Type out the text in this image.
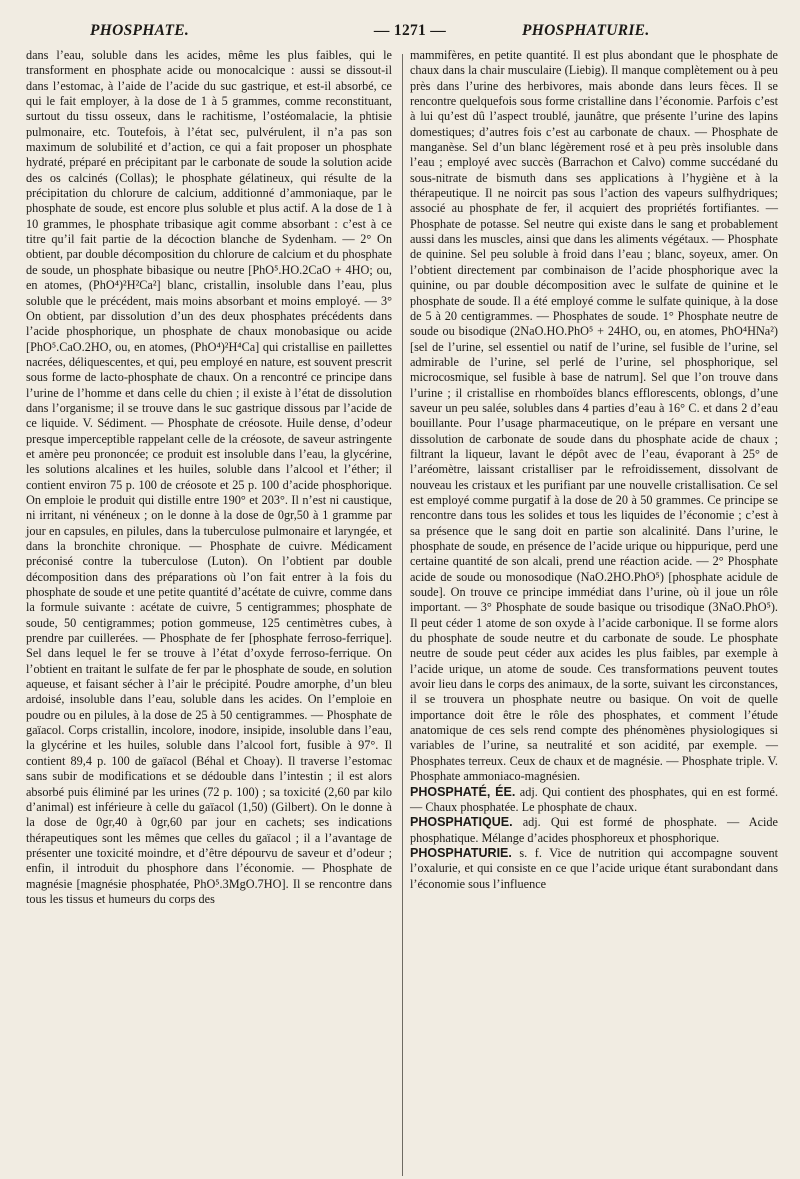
PHOSPHATE.	— 1271 —	PHOSPHATURIE.

dans l’eau, soluble dans les acides, même les plus faibles, qui le transforment en phosphate acide ou monocalcique : aussi se dissout-il dans l’estomac, à l’aide de l’acide du suc gastrique, et est-il absorbé, ce qui le fait employer, à la dose de 1 à 5 grammes, comme reconstituant, surtout du tissu osseux, dans le rachitisme, l’ostéomalacie, la phtisie pulmonaire, etc. Toutefois, à l’état sec, pulvérulent, il n’a pas son maximum de solubilité et d’action, ce qui a fait proposer un phosphate hydraté, préparé en précipitant par le carbonate de soude la solution acide des os calcinés (Collas); le phosphate gélatineux, qui résulte de la précipitation du chlorure de calcium, additionné d’ammoniaque, par le phosphate de soude, est encore plus soluble et plus actif. A la dose de 1 à 10 grammes, le phosphate tribasique agit comme absorbant : c’est à ce titre qu’il fait partie de la décoction blanche de Sydenham. — 2° On obtient, par double décomposition du chlorure de calcium et du phosphate de soude, un phosphate bibasique ou neutre [PhO⁵.HO.2CaO + 4HO; ou, en atomes, (PhO⁴)²H²Ca²] blanc, cristallin, insoluble dans l’eau, plus soluble que le précédent, mais moins absorbant et moins employé. — 3° On obtient, par dissolution d’un des deux phosphates précédents dans l’acide phosphorique, un phosphate de chaux monobasique ou acide [PhO⁵.CaO.2HO, ou, en atomes, (PhO⁴)²H⁴Ca] qui cristallise en paillettes nacrées, déliquescentes, et qui, peu employé en nature, est souvent prescrit sous forme de lacto-phosphate de chaux. On a rencontré ce principe dans l’urine de l’homme et dans celle du chien ; il existe à l’état de dissolution dans l’organisme; il se trouve dans le suc gastrique dissous par l’acide de ce liquide. V. Sédiment. — Phosphate de créosote. Huile dense, d’odeur presque imperceptible rappelant celle de la créosote, de saveur astringente et amère peu prononcée; ce produit est insoluble dans l’eau, la glycérine, les solutions alcalines et les huiles, soluble dans l’alcool et l’éther; il contient environ 75 p. 100 de créosote et 25 p. 100 d’acide phosphorique. On emploie le produit qui distille entre 190° et 203°. Il n’est ni caustique, ni irritant, ni vénéneux ; on le donne à la dose de 0gr,50 à 1 gramme par jour en capsules, en pilules, dans la tuberculose pulmonaire et laryngée, et dans la bronchite chronique. — Phosphate de cuivre. Médicament préconisé contre la tuberculose (Luton). On l’obtient par double décomposition dans des préparations où l’on fait entrer à la fois du phosphate de soude et une petite quantité d’acétate de cuivre, comme dans la formule suivante : acétate de cuivre, 5 centigrammes; phosphate de soude, 50 centigrammes; potion gommeuse, 125 centimètres cubes, à prendre par cuillerées. — Phosphate de fer [phosphate ferroso-ferrique]. Sel dans lequel le fer se trouve à l’état d’oxyde ferroso-ferrique. On l’obtient en traitant le sulfate de fer par le phosphate de soude, en solution aqueuse, et faisant sécher à l’air le précipité. Poudre amorphe, d’un bleu ardoisé, insoluble dans l’eau, soluble dans les acides. On l’emploie en poudre ou en pilules, à la dose de 25 à 50 centigrammes. — Phosphate de gaïacol. Corps cristallin, incolore, inodore, insipide, insoluble dans l’eau, la glycérine et les huiles, soluble dans l’alcool fort, fusible à 97°. Il contient 89,4 p. 100 de gaïacol (Béhal et Choay). Il traverse l’estomac sans subir de modifications et se dédouble dans l’intestin ; il est alors absorbé puis éliminé par les urines (72 p. 100) ; sa toxicité (2,60 par kilo d’animal) est inférieure à celle du gaïacol (1,50) (Gilbert). On le donne à la dose de 0gr,40 à 0gr,60 par jour en cachets; ses indications thérapeutiques sont les mêmes que celles du gaïacol ; il a l’avantage de présenter une toxicité moindre, et d’être dépourvu de saveur et d’odeur ; enfin, il introduit du phosphore dans l’économie. — Phosphate de magnésie [magnésie phosphatée, PhO⁵.3MgO.7HO]. Il se rencontre dans tous les tissus et humeurs du corps des

mammifères, en petite quantité. Il est plus abondant que le phosphate de chaux dans la chair musculaire (Liebig). Il manque complètement ou à peu près dans l’urine des herbivores, mais abonde dans leurs fèces. Il se rencontre quelquefois sous forme cristalline dans l’économie. Parfois c’est à lui qu’est dû l’aspect troublé, jaunâtre, que présente l’urine des lapins domestiques; d’autres fois c’est au carbonate de chaux. — Phosphate de manganèse. Sel d’un blanc légèrement rosé et à peu près insoluble dans l’eau ; employé avec succès (Barrachon et Calvo) comme succédané du sous-nitrate de bismuth dans ses applications à l’hygiène et à la thérapeutique. Il ne noircit pas sous l’action des vapeurs sulfhydriques; associé au phosphate de fer, il acquiert des propriétés fortifiantes. — Phosphate de potasse. Sel neutre qui existe dans le sang et probablement aussi dans les muscles, ainsi que dans les aliments végétaux. — Phosphate de quinine. Sel peu soluble à froid dans l’eau ; blanc, soyeux, amer. On l’obtient directement par combinaison de l’acide phosphorique avec la quinine, ou par double décomposition avec le sulfate de quinine et le phosphate de soude. Il a été employé comme le sulfate quinique, à la dose de 5 à 20 centigrammes. — Phosphates de soude. 1° Phosphate neutre de soude ou bisodique (2NaO.HO.PhO⁵ + 24HO, ou, en atomes, PhO⁴HNa²) [sel de l’urine, sel essentiel ou natif de l’urine, sel fusible de l’urine, sel admirable de l’urine, sel perlé de l’urine, sel phosphorique, sel microcosmique, sel fusible à base de natrum]. Sel que l’on trouve dans l’urine ; il cristallise en rhomboïdes blancs efflorescents, oblongs, d’une saveur un peu salée, solubles dans 4 parties d’eau à 16° C. et dans 2 d’eau bouillante. Pour l’usage pharmaceutique, on le prépare en versant une dissolution de carbonate de soude dans du phosphate acide de chaux ; filtrant la liqueur, lavant le dépôt avec de l’eau, évaporant à 25° de l’aréomètre, laissant cristalliser par le refroidissement, dissolvant de nouveau les cristaux et les purifiant par une nouvelle cristallisation. Ce sel est employé comme purgatif à la dose de 20 à 50 grammes. Ce principe se rencontre dans tous les solides et tous les liquides de l’économie ; c’est à sa présence que le sang doit en partie son alcalinité. Dans l’urine, le phosphate de soude, en présence de l’acide urique ou hippurique, perd une certaine quantité de son alcali, prend une réaction acide. — 2° Phosphate acide de soude ou monosodique (NaO.2HO.PhO⁵) [phosphate acidule de soude]. On trouve ce principe immédiat dans l’urine, où il joue un rôle important. — 3° Phosphate de soude basique ou trisodique (3NaO.PhO⁵). Il peut céder 1 atome de son oxyde à l’acide carbonique. Il se forme alors du phosphate de soude neutre et du carbonate de soude. Le phosphate neutre de soude peut céder aux acides les plus faibles, par exemple à l’acide urique, un atome de soude. Ces transformations peuvent toutes avoir lieu dans le corps des animaux, de la sorte, suivant les circonstances, il se trouvera un phosphate neutre ou basique. On voit de quelle importance doit être le rôle des phosphates, et comment l’étude anatomique de ces sels rend compte des phénomènes physiologiques si variables de l’urine, sa neutralité et son acidité, par exemple. — Phosphates terreux. Ceux de chaux et de magnésie. — Phosphate triple. V. Phosphate ammoniaco-magnésien.

PHOSPHATÉ, ÉE. adj. Qui contient des phosphates, qui en est formé. — Chaux phosphatée. Le phosphate de chaux.

PHOSPHATIQUE. adj. Qui est formé de phosphate. — Acide phosphatique. Mélange d’acides phosphoreux et phosphorique.

PHOSPHATURIE. s. f. Vice de nutrition qui accompagne souvent l’oxalurie, et qui consiste en ce que l’acide urique étant surabondant dans l’économie sous l’influence
